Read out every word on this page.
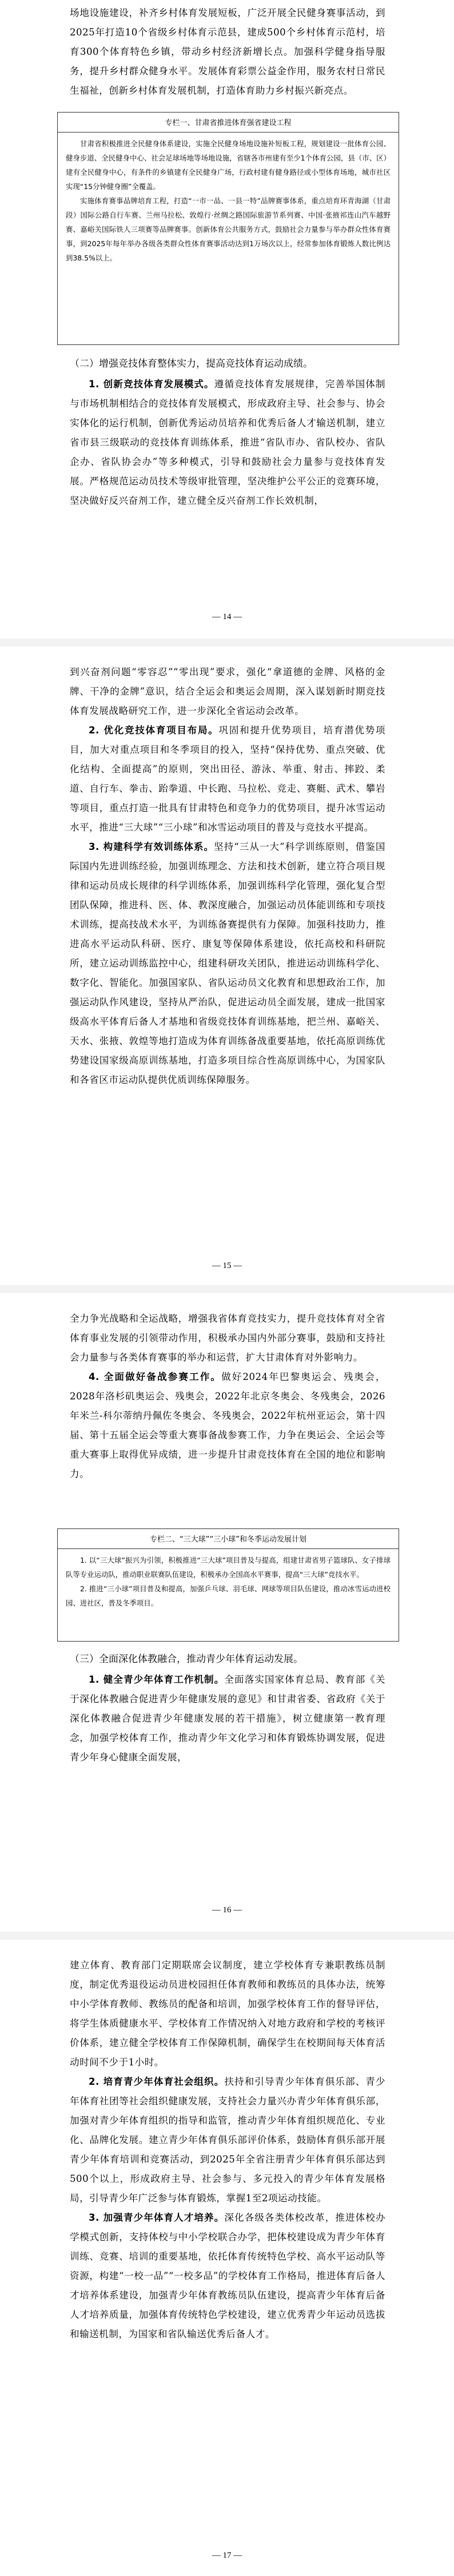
场地设施建设，补齐乡村体育发展短板，广泛开展全民健身赛事活动，到2025年打造10个省级乡村体育示范县，建成500个乡村体育示范村，培育300个体育特色乡镇，带动乡村经济新增长点。加强科学健身指导服务，提升乡村群众健身水平。发展体育彩票公益金作用，服务农村日常民生福祉，创新乡村体育发展机制，打造体育助力乡村振兴新亮点。

专栏一、甘肃省推进体育强省建设工程

甘肃省积极推进全民健身体系建设，实施全民健身场地设施补短板工程，规划建设一批体育公园、健身步道、全民健身中心、社会足球场地等场地设施，省辖各市州建有至少1个体育公园，县（市、区）建有全民健身中心，有条件的乡镇建有全民健身广场，行政村建有健身路径或小型体育场地，城市社区实现“15分钟健身圈”全覆盖。

实施体育赛事品牌培育工程，打造“一市一品、一县一特”品牌赛事体系，重点培育环青海湖（甘肃段）国际公路自行车赛、兰州马拉松、敦煌行·丝绸之路国际旅游节系列赛、中国·张掖祁连山汽车越野赛、嘉峪关国际铁人三项赛等品牌赛事。创新体育公共服务方式，鼓励社会力量参与举办群众性体育赛事，到2025年每年举办各级各类群众性体育赛事活动达到1万场次以上，经常参加体育锻炼人数比例达到38.5%以上。

（二）增强竞技体育整体实力，提高竞技体育运动成绩。

1. 创新竞技体育发展模式。遵循竞技体育发展规律，完善举国体制与市场机制相结合的竞技体育发展模式，形成政府主导、社会参与、协会实体化的运行机制，创新优秀运动员培养和优秀后备人才输送机制，建立省市县三级联动的竞技体育训练体系，推进“省队市办、省队校办、省队企办、省队协会办”等多种模式，引导和鼓励社会力量参与竞技体育发展。严格规范运动员技术等级审批管理，坚决维护公平公正的竞赛环境，坚决做好反兴奋剂工作，建立健全反兴奋剂工作长效机制，

— 14 —

到兴奋剂问题“零容忍”“零出现”要求，强化“拿道德的金牌、风格的金牌、干净的金牌”意识，结合全运会和奥运会周期，深入谋划新时期竞技体育发展战略研究工作，进一步深化全省运动会改革。

2. 优化竞技体育项目布局。巩固和提升优势项目，培育潜优势项目，加大对重点项目和冬季项目的投入，坚持“保持优势、重点突破、优化结构、全面提高”的原则，突出田径、游泳、举重、射击、摔跤、柔道、自行车、拳击、跆拳道、中长跑、马拉松、竞走、赛艇、武术、攀岩等项目，重点打造一批具有甘肃特色和竞争力的优势项目，提升冰雪运动水平，推进“三大球”“三小球”和冰雪运动项目的普及与竞技水平提高。

3. 构建科学有效训练体系。坚持“三从一大”科学训练原则，借鉴国际国内先进训练经验，加强训练理念、方法和技术创新，建立符合项目规律和运动员成长规律的科学训练体系，加强训练科学化管理，强化复合型团队保障，推进科、医、体、教深度融合，加强运动员体能训练和专项技术训练，提高技战术水平，为训练备赛提供有力保障。加强科技助力，推进高水平运动队科研、医疗、康复等保障体系建设，依托高校和科研院所，建立运动训练监控中心，组建科研攻关团队，推进运动训练科学化、数字化、智能化。加强国家队、省队运动员文化教育和思想政治工作，加强运动队作风建设，坚持从严治队，促进运动员全面发展，建成一批国家级高水平体育后备人才基地和省级竞技体育训练基地，把兰州、嘉峪关、天水、张掖、敦煌等地打造成为体育训练备战重要基地，依托高原训练优势建设国家级高原训练基地，打造多项目综合性高原训练中心，为国家队和各省区市运动队提供优质训练保障服务。

— 15 —

全力争光战略和全运战略，增强我省体育竞技实力，提升竞技体育对全省体育事业发展的引领带动作用，积极承办国内外部分赛事，鼓励和支持社会力量参与各类体育赛事的举办和运营，扩大甘肃体育对外影响力。

4. 全面做好备战参赛工作。做好2024年巴黎奥运会、残奥会，2028年洛杉矶奥运会、残奥会，2022年北京冬奥会、冬残奥会，2026年米兰-科尔蒂纳丹佩佐冬奥会、冬残奥会，2022年杭州亚运会，第十四届、第十五届全运会等重大赛事备战参赛工作，力争在奥运会、全运会等重大赛事上取得优异成绩，进一步提升甘肃竞技体育在全国的地位和影响力。

专栏二、“三大球”“三小球”和冬季运动发展计划

1. 以“三大球”振兴为引领，积极推进“三大球”项目普及与提高，组建甘肃省男子篮球队、女子排球队等专业运动队，推动职业联赛队伍建设，积极承办全国高水平赛事，提高“三大球”竞技水平。

2. 推进“三小球”项目普及和提高，加强乒乓球、羽毛球、网球等项目队伍建设，推动冰雪运动进校园、进社区，普及冬季项目。

（三）全面深化体教融合，推动青少年体育运动发展。

1. 健全青少年体育工作机制。全面落实国家体育总局、教育部《关于深化体教融合促进青少年健康发展的意见》和甘肃省委、省政府《关于深化体教融合促进青少年健康发展的若干措施》，树立健康第一教育理念，加强学校体育工作，推动青少年文化学习和体育锻炼协调发展，促进青少年身心健康全面发展，

— 16 —

建立体育、教育部门定期联席会议制度，建立学校体育专兼职教练员制度，制定优秀退役运动员进校园担任体育教师和教练员的具体办法，统筹中小学体育教师、教练员的配备和培训，加强学校体育工作的督导评估，将学生体质健康水平、学校体育工作情况纳入对地方政府和学校的考核评价体系，建立健全学校体育工作保障机制，确保学生在校期间每天体育活动时间不少于1小时。

2. 培育青少年体育社会组织。扶持和引导青少年体育俱乐部、青少年体育社团等社会组织健康发展，支持社会力量兴办青少年体育俱乐部，加强对青少年体育组织的指导和监管，推动青少年体育组织规范化、专业化、品牌化发展。建立青少年体育俱乐部评价体系，鼓励体育俱乐部开展青少年体育培训和竞赛活动，到2025年全省注册青少年体育俱乐部达到500个以上，形成政府主导、社会参与、多元投入的青少年体育发展格局，引导青少年广泛参与体育锻炼，掌握1至2项运动技能。

3. 加强青少年体育人才培养。深化各级各类体校改革，推进体校办学模式创新，支持体校与中小学校联合办学，把体校建设成为青少年体育训练、竞赛、培训的重要基地，依托体育传统特色学校、高水平运动队等资源，构建“一校一品”“一校多品”的学校体育工作格局，推进体育后备人才培养体系建设，加强青少年体育教练员队伍建设，提高青少年体育后备人才培养质量，加强体育传统特色学校建设，建立优秀青少年运动员选拔和输送机制，为国家和省队输送优秀后备人才。

— 17 —
